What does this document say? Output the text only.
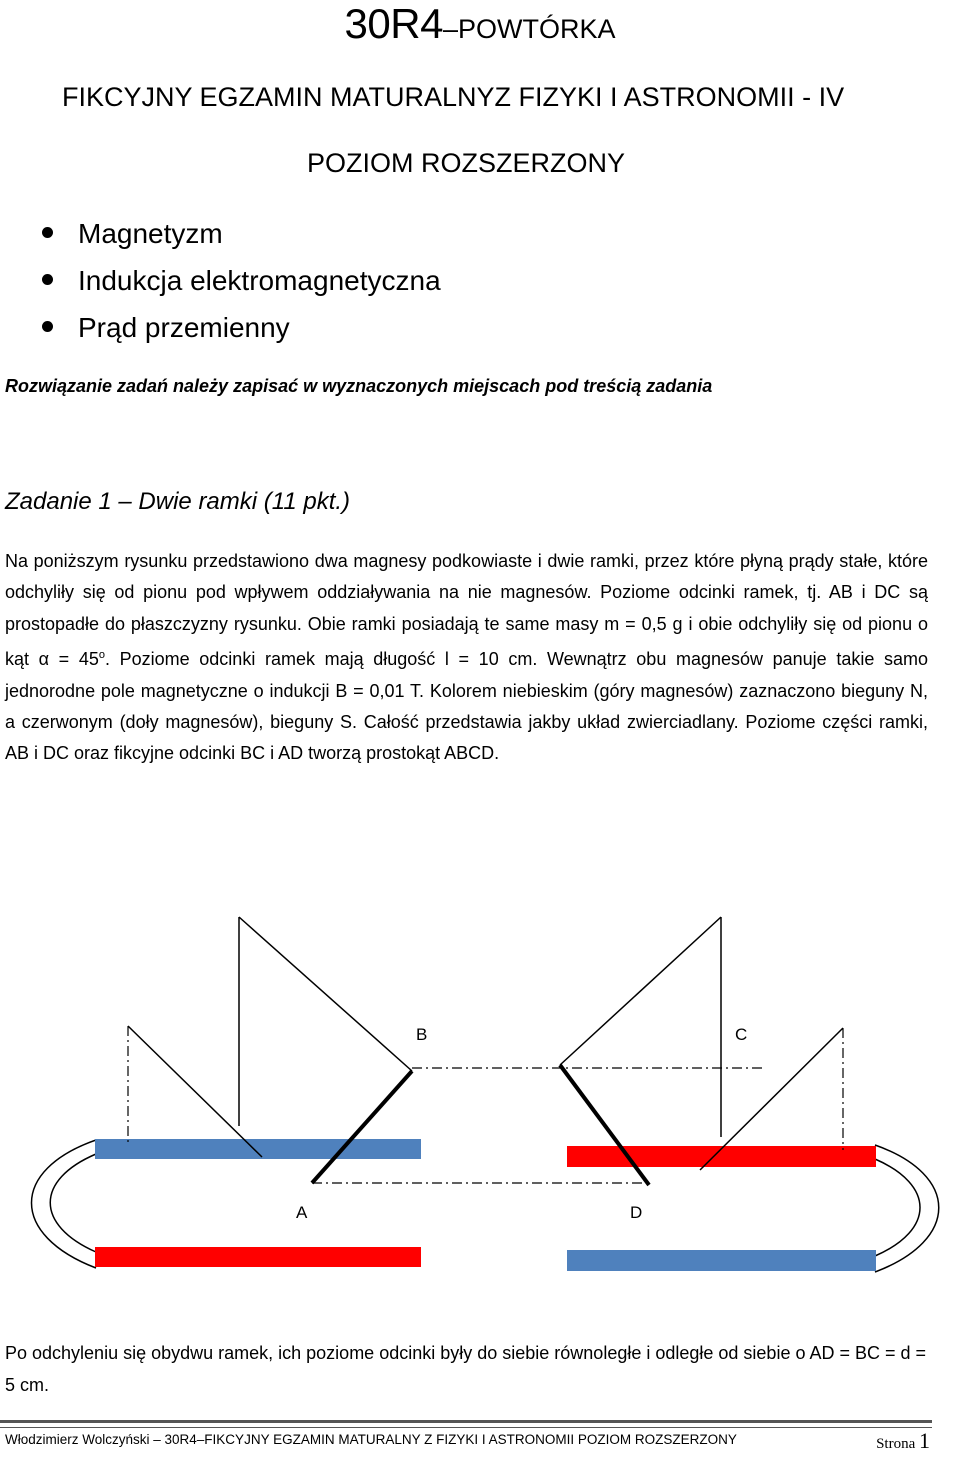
30R4–POWTÓRKA
FIKCYJNY EGZAMIN MATURALNYZ FIZYKI I ASTRONOMII - IV
POZIOM ROZSZERZONY
Magnetyzm
Indukcja elektromagnetyczna
Prąd przemienny
Rozwiązanie zadań należy zapisać w wyznaczonych miejscach pod treścią zadania
Zadanie 1 – Dwie ramki (11 pkt.)

Na poniższym rysunku przedstawiono dwa magnesy podkowiaste i dwie ramki, przez które płyną prądy stałe, które odchyliły się od pionu pod wpływem oddziaływania na nie magnesów. Poziome odcinki ramek, tj. AB i DC są prostopadłe do płaszczyzny rysunku. Obie ramki posiadają te same masy m = 0,5 g i obie odchyliły się od pionu o kąt $\alpha = 45^o$. Poziome odcinki ramek mają długość l = 10 cm. Wewnątrz obu magnesów panuje takie samo jednorodne pole magnetyczne o indukcji B = 0,01 T. Kolorem niebieskim (góry magnesów) zaznaczono bieguny N, a czerwonym (doły magnesów), bieguny S. Całość przedstawia jakby układ zwierciadlany. Poziome części ramki, AB i DC oraz fikcyjne odcinki BC i AD tworzą prostokąt ABCD.

B	C
A	D

Po odchyleniu się obydwu ramek, ich poziome odcinki były do siebie równoległe i odległe od siebie o AD = BC = d = 5 cm.

Włodzimierz Wolczyński – 30R4–FIKCYJNY EGZAMIN MATURALNY Z FIZYKI I ASTRONOMII POZIOM ROZSZERZONY	Strona 1
